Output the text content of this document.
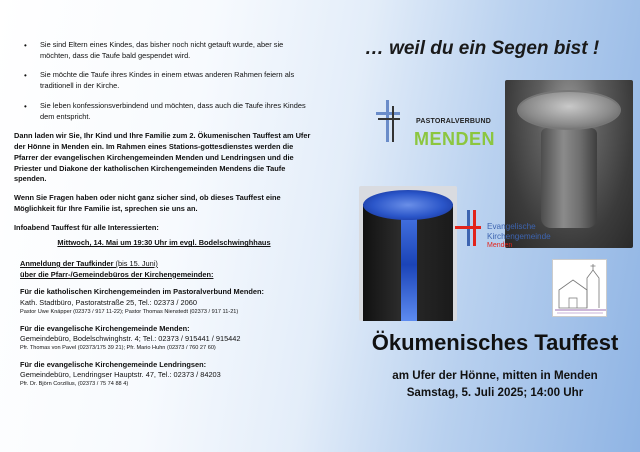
• Sie sind Eltern eines Kindes, das bisher noch nicht getauft wurde, aber sie möchten, dass die Taufe bald gespendet wird.
• Sie möchte die Taufe ihres Kindes in einem etwas anderen Rahmen feiern als traditionell in der Kirche.
• Sie leben konfessionsverbindend und möchten, dass auch die Taufe ihres Kindes dem entspricht.

Dann laden wir Sie, Ihr Kind und Ihre Familie zum 2. Ökumenischen Tauffest am Ufer der Hönne in Menden ein. Im Rahmen eines Stations-gottesdienstes werden die Pfarrer der evangelischen Kirchengemeinden Menden und Lendringsen und die Priester und Diakone der katholischen Kirchengemeinden Mendens die Taufe spenden.

Wenn Sie Fragen haben oder nicht ganz sicher sind, ob dieses Tauffest eine Möglichkeit für Ihre Familie ist, sprechen sie uns an.

Infoabend Tauffest für alle Interessierten:

Mittwoch, 14. Mai um 19:30 Uhr im evgl. Bodelschwinghhaus

Anmeldung der Taufkinder (bis 15. Juni)

über die Pfarr-/Gemeindebüros der Kirchengemeinden:

Für die katholischen Kirchengemeinden im Pastoralverbund Menden:

Kath. Stadtbüro, Pastoratstraße 25, Tel.: 02373 / 2060

Pastor Uwe Knäpper (02373 / 917 11-22); Pastor Thomas Nienstedt (02373 / 917 11-21)

Für die evangelische Kirchengemeinde Menden:

Gemeindebüro, Bodelschwinghstr. 4; Tel.: 02373 / 915441 / 915442

Pfr. Thomas von Pavel (02373/175 39 21); Pfr. Mario Huhn (02373 / 760 27 60)

Für die evangelische Kirchengemeinde Lendringsen:

Gemeindebüro, Lendringser Hauptstr. 47, Tel.: 02373 / 84203

Pfr. Dr. Björn Corzilius, (02373 / 75 74 88 4)

… weil du ein Segen bist !
PASTORALVERBUND
MENDEN
Evangelische
Kirchengemeinde
Menden
Ökumenisches Tauffest
am Ufer der Hönne, mitten in Menden
Samstag, 5. Juli 2025; 14:00 Uhr
